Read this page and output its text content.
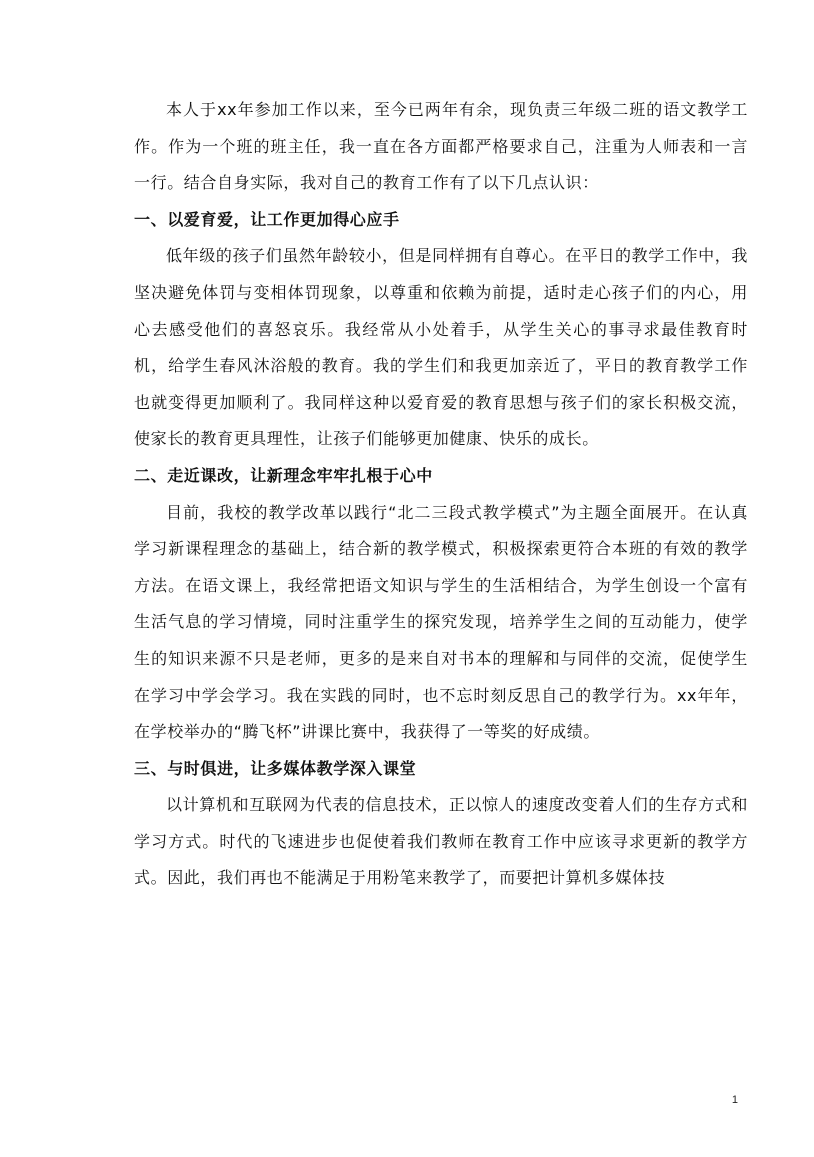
本人于xx年参加工作以来，至今已两年有余，现负责三年级二班的语文教学工作。作为一个班的班主任，我一直在各方面都严格要求自己，注重为人师表和一言一行。结合自身实际，我对自己的教育工作有了以下几点认识：

一、以爱育爱，让工作更加得心应手

低年级的孩子们虽然年龄较小，但是同样拥有自尊心。在平日的教学工作中，我坚决避免体罚与变相体罚现象，以尊重和依赖为前提，适时走心孩子们的内心，用心去感受他们的喜怒哀乐。我经常从小处着手，从学生关心的事寻求最佳教育时机，给学生春风沐浴般的教育。我的学生们和我更加亲近了，平日的教育教学工作也就变得更加顺利了。我同样这种以爱育爱的教育思想与孩子们的家长积极交流，使家长的教育更具理性，让孩子们能够更加健康、快乐的成长。

二、走近课改，让新理念牢牢扎根于心中

目前，我校的教学改革以践行“北二三段式教学模式”为主题全面展开。在认真学习新课程理念的基础上，结合新的教学模式，积极探索更符合本班的有效的教学方法。在语文课上，我经常把语文知识与学生的生活相结合，为学生创设一个富有生活气息的学习情境，同时注重学生的探究发现，培养学生之间的互动能力，使学生的知识来源不只是老师，更多的是来自对书本的理解和与同伴的交流，促使学生在学习中学会学习。我在实践的同时，也不忘时刻反思自己的教学行为。xx年年，在学校举办的“腾飞杯”讲课比赛中，我获得了一等奖的好成绩。

三、与时俱进，让多媒体教学深入课堂

以计算机和互联网为代表的信息技术，正以惊人的速度改变着人们的生存方式和学习方式。时代的飞速进步也促使着我们教师在教育工作中应该寻求更新的教学方式。因此，我们再也不能满足于用粉笔来教学了，而要把计算机多媒体技

1
